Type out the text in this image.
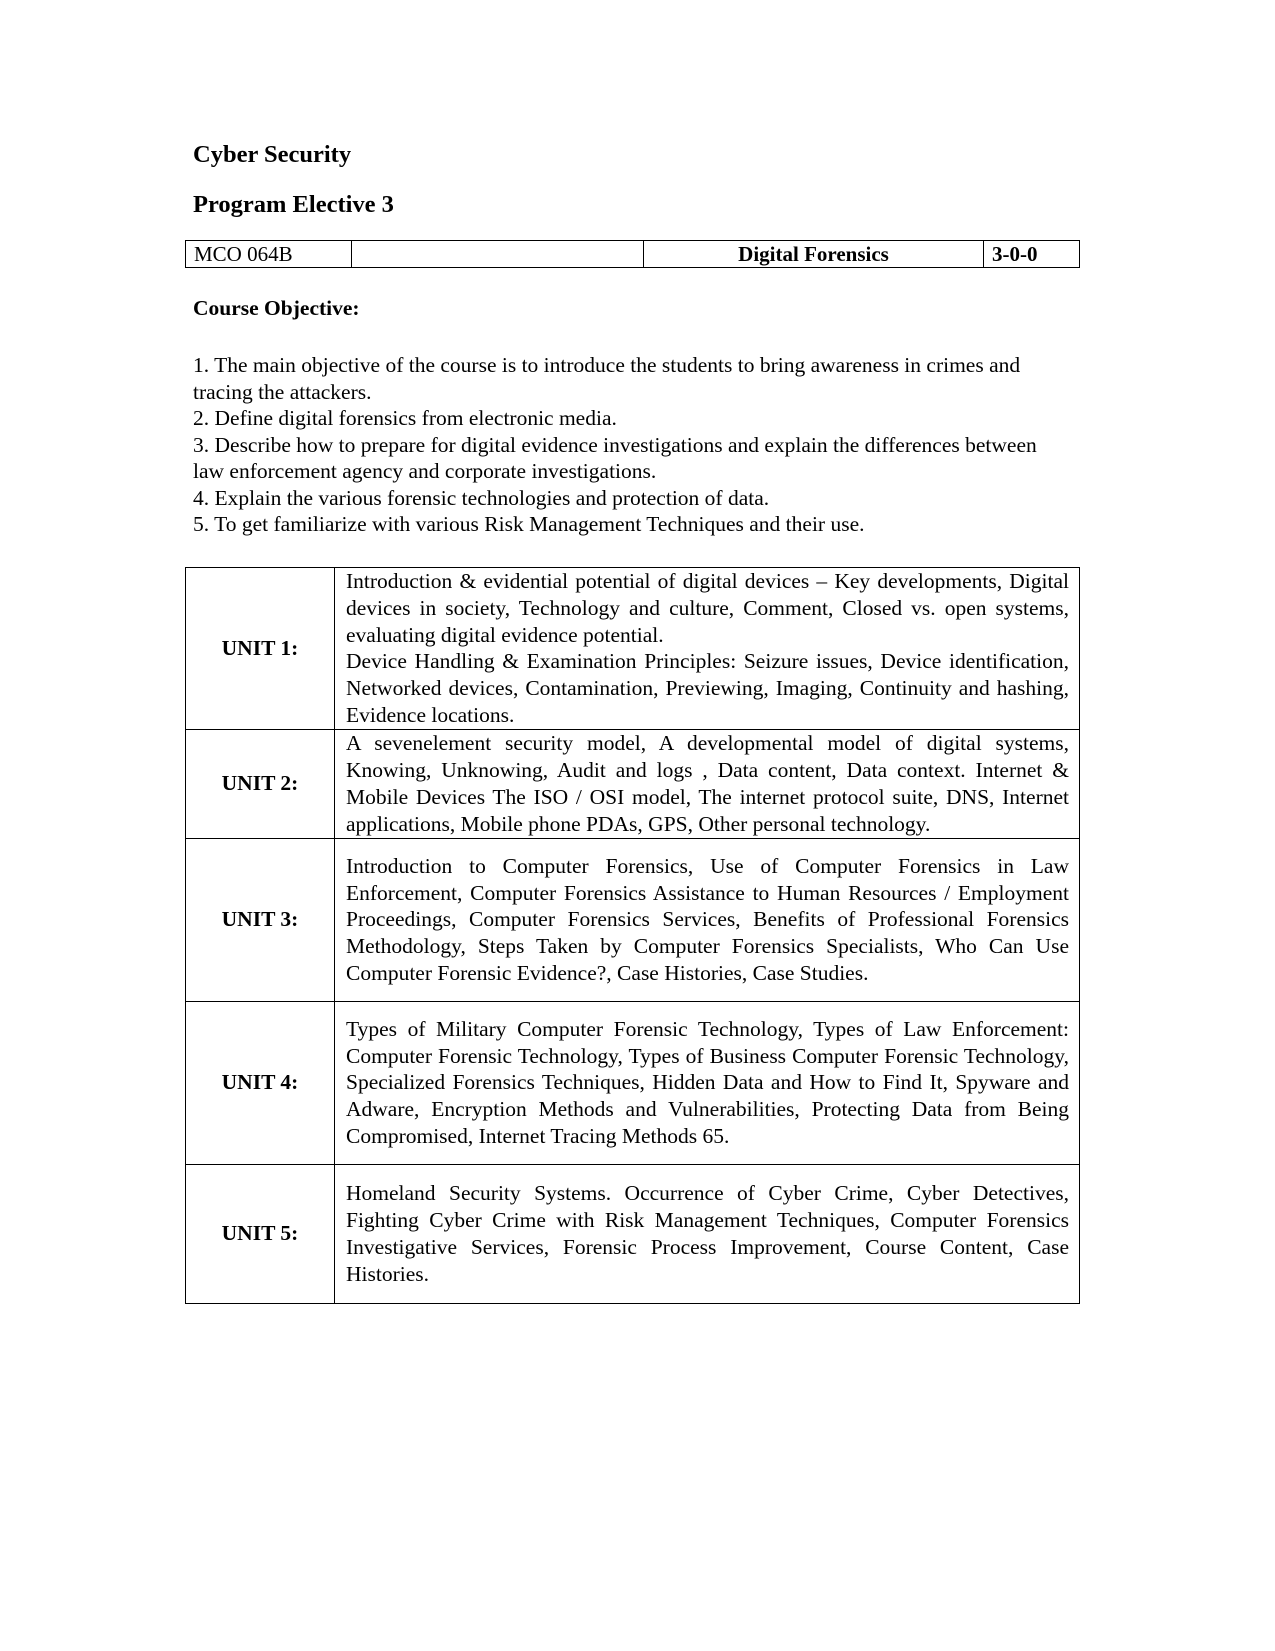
Cyber Security
Program Elective 3
MCO 064B		Digital Forensics	3-0-0
Course Objective:
1. The main objective of the course is to introduce the students to bring awareness in crimes and tracing the attackers.
2. Define digital forensics from electronic media.
3. Describe how to prepare for digital evidence investigations and explain the differences between law enforcement agency and corporate investigations.
4. Explain the various forensic technologies and protection of data.
5. To get familiarize with various Risk Management Techniques and their use.
UNIT 1:	Introduction & evidential potential of digital devices – Key developments, Digital devices in society, Technology and culture, Comment, Closed vs. open systems, evaluating digital evidence potential.

Device Handling & Examination Principles: Seizure issues, Device identification, Networked devices, Contamination, Previewing, Imaging, Continuity and hashing, Evidence locations.

UNIT 2:	A sevenelement security model, A developmental model of digital systems, Knowing, Unknowing, Audit and logs , Data content, Data context. Internet & Mobile Devices The ISO / OSI model, The internet protocol suite, DNS, Internet applications, Mobile phone PDAs, GPS, Other personal technology.

UNIT 3:	Introduction to Computer Forensics, Use of Computer Forensics in Law Enforcement, Computer Forensics Assistance to Human Resources / Employment Proceedings, Computer Forensics Services, Benefits of Professional Forensics Methodology, Steps Taken by Computer Forensics Specialists, Who Can Use Computer Forensic Evidence?, Case Histories, Case Studies.

UNIT 4:	Types of Military Computer Forensic Technology, Types of Law Enforcement: Computer Forensic Technology, Types of Business Computer Forensic Technology, Specialized Forensics Techniques, Hidden Data and How to Find It, Spyware and Adware, Encryption Methods and Vulnerabilities, Protecting Data from Being Compromised, Internet Tracing Methods 65.

UNIT 5:	Homeland Security Systems. Occurrence of Cyber Crime, Cyber Detectives, Fighting Cyber Crime with Risk Management Techniques, Computer Forensics Investigative Services, Forensic Process Improvement, Course Content, Case Histories.
